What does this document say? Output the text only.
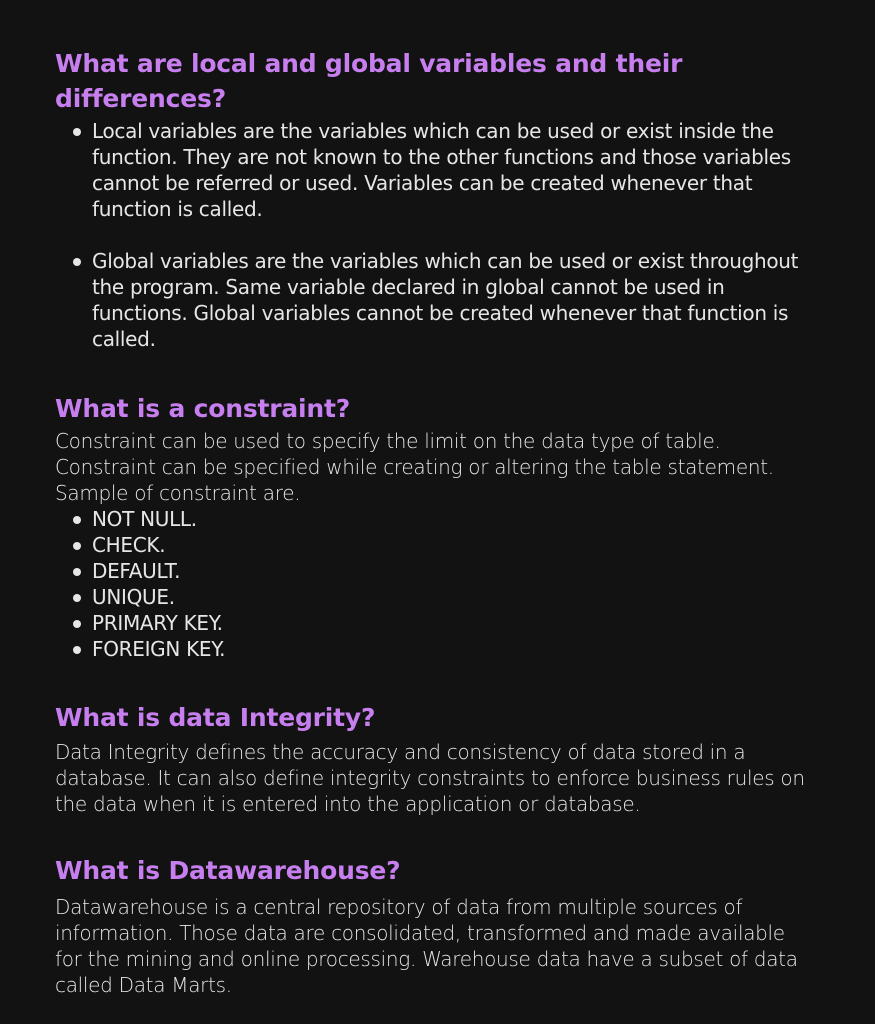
What are local and global variables and their differences?
Local variables are the variables which can be used or exist inside the function. They are not known to the other functions and those variables cannot be referred or used. Variables can be created whenever that function is called.
Global variables are the variables which can be used or exist throughout the program. Same variable declared in global cannot be used in functions. Global variables cannot be created whenever that function is called.
What is a constraint?

Constraint can be used to specify the limit on the data type of table. Constraint can be specified while creating or altering the table statement. Sample of constraint are.

NOT NULL.
CHECK.
DEFAULT.
UNIQUE.
PRIMARY KEY.
FOREIGN KEY.
What is data Integrity?

Data Integrity defines the accuracy and consistency of data stored in a database. It can also define integrity constraints to enforce business rules on the data when it is entered into the application or database.

What is Datawarehouse?

Datawarehouse is a central repository of data from multiple sources of information. Those data are consolidated, transformed and made available for the mining and online processing. Warehouse data have a subset of data called Data Marts.
